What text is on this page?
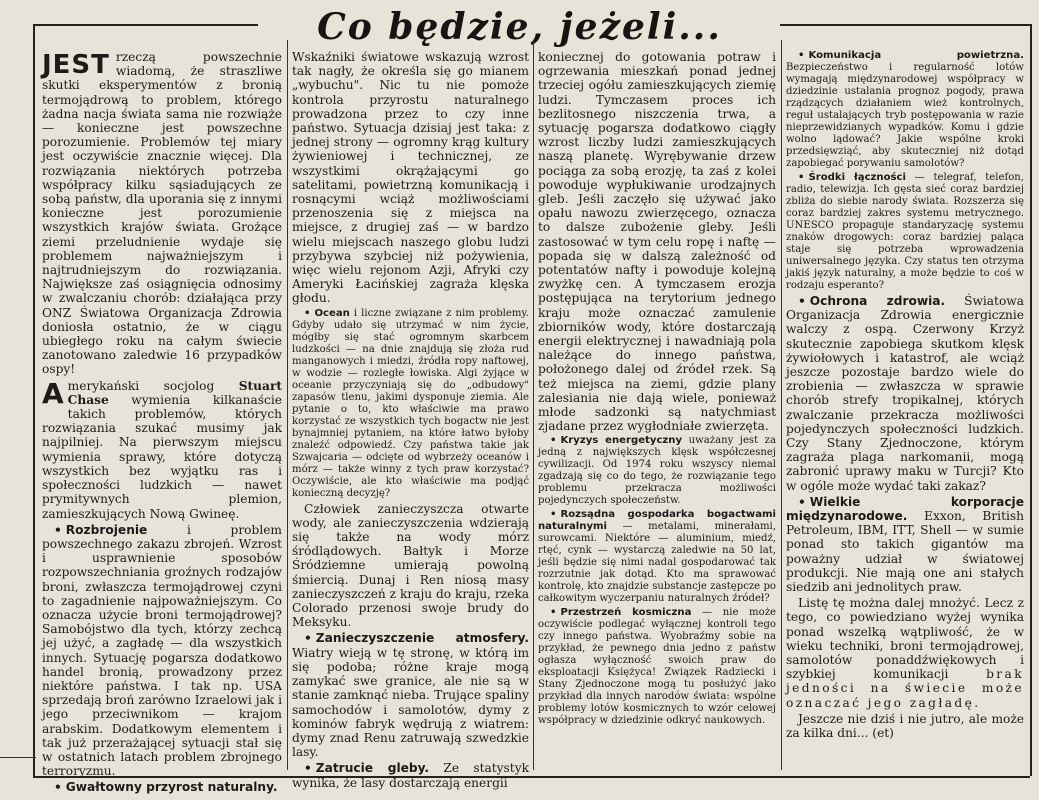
Co będzie, jeżeli...

JEST rzeczą powszechnie wiadomą, że straszliwe skutki eksperymentów z bronią termojądrową to problem, którego żadna nacja świata sama nie rozwiąże — konieczne jest powszechne porozumienie. Problemów tej miary jest oczywiście znacznie więcej. Dla rozwiązania niektórych potrzeba współpracy kilku sąsiadujących ze sobą państw, dla uporania się z innymi konieczne jest porozumienie wszystkich krajów świata. Grożące ziemi przeludnienie wydaje się problemem najważniejszym i najtrudniejszym do rozwiązania. Największe zaś osiągnięcia odnosimy w zwalczaniu chorób: działająca przy ONZ Światowa Organizacja Zdrowia doniosła ostatnio, że w ciągu ubiegłego roku na całym świecie zanotowano zaledwie 16 przypadków ospy!

Amerykański socjolog Stuart Chase wymienia kilkanaście takich problemów, których rozwiązania szukać musimy jak najpilniej. Na pierwszym miejscu wymienia sprawy, które dotyczą wszystkich bez wyjątku ras i społeczności ludzkich — nawet prymitywnych plemion, zamieszkujących Nową Gwineę.

• Rozbrojenie i problem powszechnego zakazu zbrojeń. Wzrost i usprawnienie sposobów rozpowszechniania groźnych rodzajów broni, zwłaszcza termojądrowej czyni to zagadnienie najpoważniejszym. Co oznacza użycie broni termojądrowej? Samobójstwo dla tych, którzy zechcą jej użyć, a zagładę — dla wszystkich innych. Sytuację pogarsza dodatkowo handel bronią, prowadzony przez niektóre państwa. I tak np. USA sprzedają broń zarówno Izraelowi jak i jego przeciwnikom — krajom arabskim. Dodatkowym elementem i tak już przerażającej sytuacji stał się w ostatnich latach problem zbrojnego terroryzmu.

• Gwałtowny przyrost naturalny.

Wskaźniki światowe wskazują wzrost tak nagły, że określa się go mianem „wybuchu". Nic tu nie pomoże kontrola przyrostu naturalnego prowadzona przez to czy inne państwo. Sytuacja dzisiaj jest taka: z jednej strony — ogromny krąg kultury żywieniowej i technicznej, ze wszystkimi okrążającymi go satelitami, powietrzną komunikacją i rosnącymi wciąż możliwościami przenoszenia się z miejsca na miejsce, z drugiej zaś — w bardzo wielu miejscach naszego globu ludzi przybywa szybciej niż pożywienia, więc wielu rejonom Azji, Afryki czy Ameryki Łacińskiej zagraża klęska głodu.

• Ocean i liczne związane z nim problemy. Gdyby udało się utrzymać w nim życie, mógłby się stać ogromnym skarbcem ludzkości — na dnie znajdują się złoża rud manganowych i miedzi, źródła ropy naftowej, w wodzie — rozległe łowiska. Algi żyjące w oceanie przyczyniają się do „odbudowy" zapasów tlenu, jakimi dysponuje ziemia. Ale pytanie o to, kto właściwie ma prawo korzystać ze wszystkich tych bogactw nie jest bynajmniej pytaniem, na które łatwo byłoby znaleźć odpowiedź. Czy państwa takie jak Szwajcaria — odcięte od wybrzeży oceanów i mórz — także winny z tych praw korzystać? Oczywiście, ale kto właściwie ma podjąć konieczną decyzję?

Człowiek zanieczyszcza otwarte wody, ale zanieczyszczenia wdzierają się także na wody mórz śródlądowych. Bałtyk i Morze Śródziemne umierają powolną śmiercią. Dunaj i Ren niosą masy zanieczyszczeń z kraju do kraju, rzeka Colorado przenosi swoje brudy do Meksyku.

• Zanieczyszczenie atmosfery. Wiatry wieją w tę stronę, w którą im się podoba; różne kraje mogą zamykać swe granice, ale nie są w stanie zamknąć nieba. Trujące spaliny samochodów i samolotów, dymy z kominów fabryk wędrują z wiatrem: dymy znad Renu zatruwają szwedzkie lasy.

• Zatrucie gleby. Ze statystyk wynika, że lasy dostarczają energii

koniecznej do gotowania potraw i ogrzewania mieszkań ponad jednej trzeciej ogółu zamieszkujących ziemię ludzi. Tymczasem proces ich bezlitosnego niszczenia trwa, a sytuację pogarsza dodatkowo ciągły wzrost liczby ludzi zamieszkujących naszą planetę. Wyrębywanie drzew pociąga za sobą erozję, ta zaś z kolei powoduje wypłukiwanie urodzajnych gleb. Jeśli zaczęło się używać jako opału nawozu zwierzęcego, oznacza to dalsze zubożenie gleby. Jeśli zastosować w tym celu ropę i naftę — popada się w dalszą zależność od potentatów nafty i powoduje kolejną zwyżkę cen. A tymczasem erozja postępująca na terytorium jednego kraju może oznaczać zamulenie zbiorników wody, które dostarczają energii elektrycznej i nawadniają pola należące do innego państwa, położonego dalej od źródeł rzek. Są też miejsca na ziemi, gdzie plany zalesiania nie dają wiele, ponieważ młode sadzonki są natychmiast zjadane przez wygłodniałe zwierzęta.

• Kryzys energetyczny uważany jest za jedną z największych klęsk współczesnej cywilizacji. Od 1974 roku wszyscy niemal zgadzają się co do tego, że rozwiązanie tego problemu przekracza możliwości pojedynczych społeczeństw.

• Rozsądna gospodarka bogactwami naturalnymi — metalami, minerałami, surowcami. Niektóre — aluminium, miedź, rtęć, cynk — wystarczą zaledwie na 50 lat, jeśli będzie się nimi nadal gospodarować tak rozrzutnie jak dotąd. Kto ma sprawować kontrolę, kto znajdzie substancje zastępcze po całkowitym wyczerpaniu naturalnych źródeł?

• Przestrzeń kosmiczna — nie może oczywiście podlegać wyłącznej kontroli tego czy innego państwa. Wyobraźmy sobie na przykład, że pewnego dnia jedno z państw ogłasza wyłączność swoich praw do eksploatacji Księżyca! Związek Radziecki i Stany Zjednoczone mogą tu posłużyć jako przykład dla innych narodów świata: wspólne problemy lotów kosmicznych to wzór celowej współpracy w dziedzinie odkryć naukowych.

• Komunikacja powietrzna. Bezpieczeństwo i regularność lotów wymagają międzynarodowej współpracy w dziedzinie ustalania prognoz pogody, prawa rządzących działaniem wież kontrolnych, reguł ustalających tryb postępowania w razie nieprzewidzianych wypadków. Komu i gdzie wolno lądować? Jakie wspólne kroki przedsięwziąć, aby skuteczniej niż dotąd zapobiegać porywaniu samolotów?

• Środki łączności — telegraf, telefon, radio, telewizja. Ich gęsta sieć coraz bardziej zbliża do siebie narody świata. Rozszerza się coraz bardziej zakres systemu metrycznego. UNESCO propaguje standaryzację systemu znaków drogowych: coraz bardziej paląca staje się potrzeba wprowadzenia uniwersalnego języka. Czy status ten otrzyma jakiś język naturalny, a może będzie to coś w rodzaju esperanto?

• Ochrona zdrowia. Światowa Organizacja Zdrowia energicznie walczy z ospą. Czerwony Krzyż skutecznie zapobiega skutkom klęsk żywiołowych i katastrof, ale wciąż jeszcze pozostaje bardzo wiele do zrobienia — zwłaszcza w sprawie chorób strefy tropikalnej, których zwalczanie przekracza możliwości pojedynczych społeczności ludzkich. Czy Stany Zjednoczone, którym zagraża plaga narkomanii, mogą zabronić uprawy maku w Turcji? Kto w ogóle może wydać taki zakaz?

• Wielkie korporacje międzynarodowe. Exxon, British Petroleum, IBM, ITT, Shell — w sumie ponad sto takich gigantów ma poważny udział w światowej produkcji. Nie mają one ani stałych siedzib ani jednolitych praw.

Listę tę można dalej mnożyć. Lecz z tego, co powiedziano wyżej wynika ponad wszelką wątpliwość, że w wieku techniki, broni termojądrowej, samolotów ponaddźwiękowych i szybkiej komunikacji brak jedności na świecie może oznaczać jego zagładę.

Jeszcze nie dziś i nie jutro, ale może za kilka dni... (et)
